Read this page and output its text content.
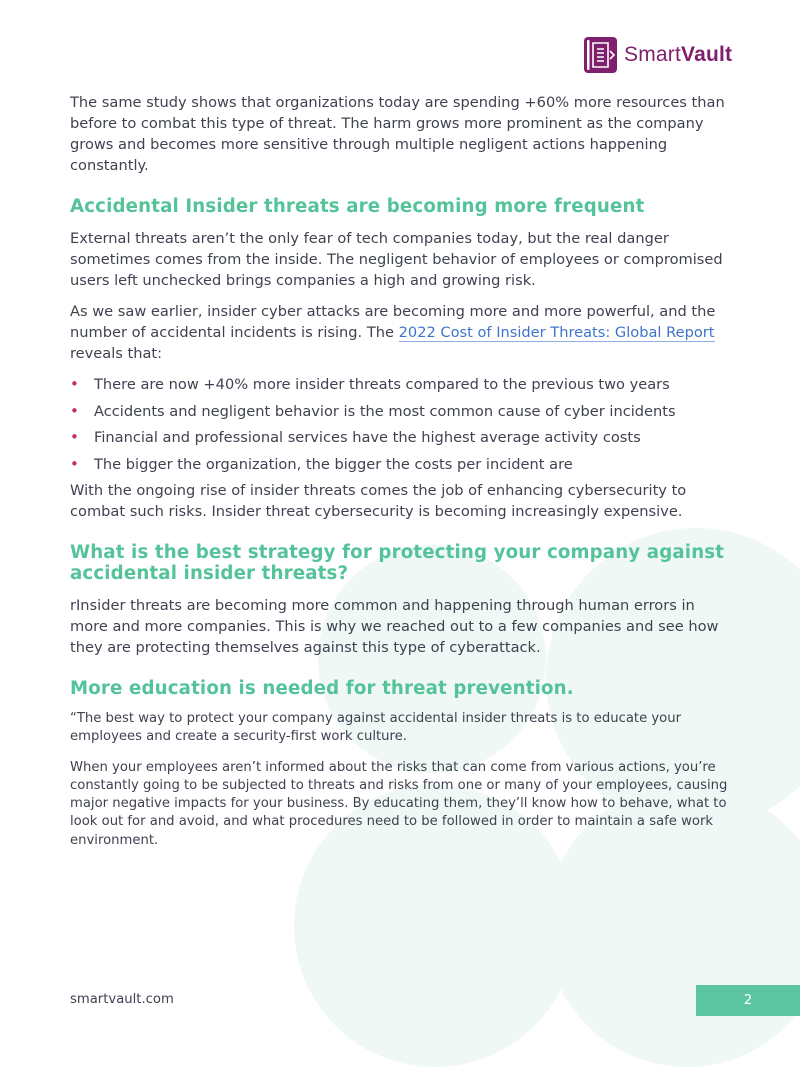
SmartVault

The same study shows that organizations today are spending +60% more resources than before to combat this type of threat. The harm grows more prominent as the company grows and becomes more sensitive through multiple negligent actions happening constantly.

Accidental Insider threats are becoming more frequent

External threats aren’t the only fear of tech companies today, but the real danger sometimes comes from the inside. The negligent behavior of employees or compromised users left unchecked brings companies a high and growing risk.

As we saw earlier, insider cyber attacks are becoming more and more powerful, and the number of accidental incidents is rising. The 2022 Cost of Insider Threats: Global Report reveals that:

• There are now +40% more insider threats compared to the previous two years
• Accidents and negligent behavior is the most common cause of cyber incidents
• Financial and professional services have the highest average activity costs
• The bigger the organization, the bigger the costs per incident are

With the ongoing rise of insider threats comes the job of enhancing cybersecurity to combat such risks. Insider threat cybersecurity is becoming increasingly expensive.

What is the best strategy for protecting your company against accidental insider threats?

rInsider threats are becoming more common and happening through human errors in more and more companies. This is why we reached out to a few companies and see how they are protecting themselves against this type of cyberattack.

More education is needed for threat prevention.

“The best way to protect your company against accidental insider threats is to educate your employees and create a security-first work culture.

When your employees aren’t informed about the risks that can come from various actions, you’re constantly going to be subjected to threats and risks from one or many of your employees, causing major negative impacts for your business. By educating them, they’ll know how to behave, what to look out for and avoid, and what procedures need to be followed in order to maintain a safe work environment.

smartvault.com	2
